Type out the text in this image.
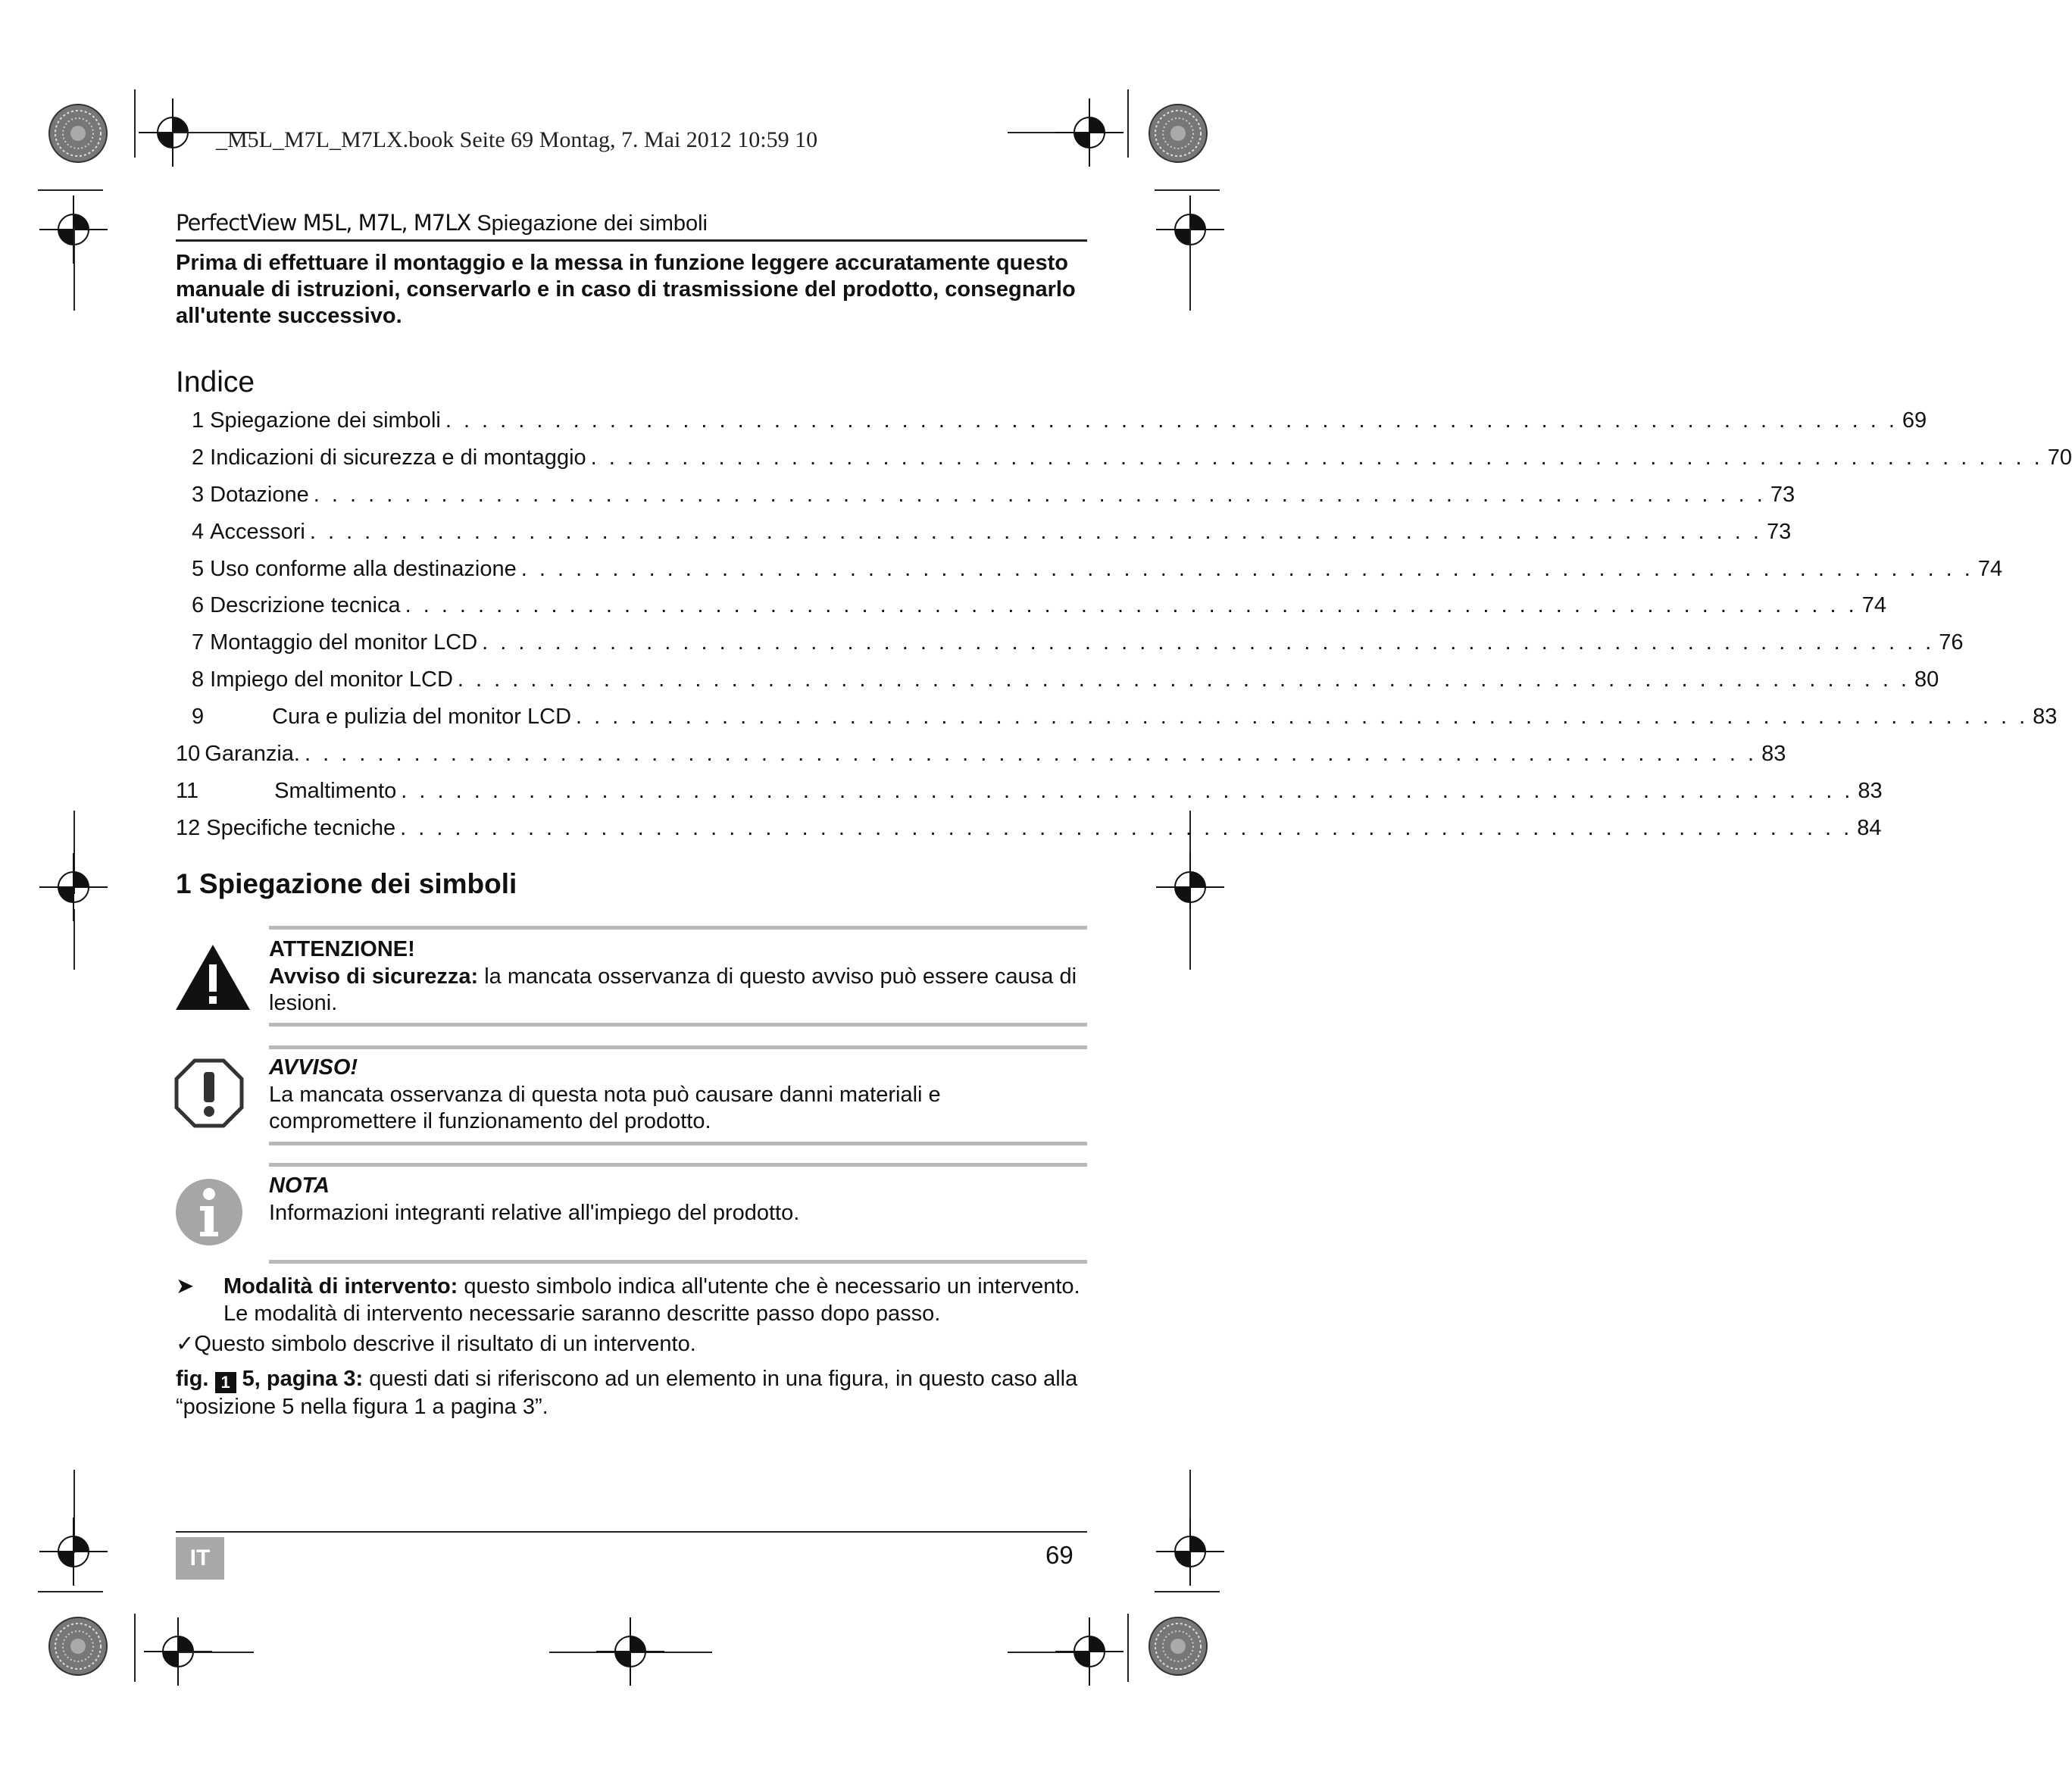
_M5L_M7L_M7LX.book Seite 69 Montag, 7. Mai 2012 10:59 10
PerfectView M5L, M7L, M7LX Spiegazione dei simboli
Prima di effettuare il montaggio e la messa in funzione leggere accuratamente questo manuale di istruzioni, conservarlo e in caso di trasmissione del prodotto, consegnarlo all'utente successivo.
Indice
1 Spiegazione dei simboli . . . . . . . . . . . . . . . . . . . . . . . . . . . . . . . . . . . . . . . . . . . . . . . . . . . . . . . . . . . . . . . . . . . . . . . . . . . . . . . . 69
2 Indicazioni di sicurezza e di montaggio . . . . . . . . . . . . . . . . . . . . . . . . . . . . . . . . . . . . . . . . . . . . . . . . . . . . . . . . . . . . . . . . . . . . . . . . . . . . . . . . 70
3 Dotazione . . . . . . . . . . . . . . . . . . . . . . . . . . . . . . . . . . . . . . . . . . . . . . . . . . . . . . . . . . . . . . . . . . . . . . . . . . . . . . . . 73
4 Accessori . . . . . . . . . . . . . . . . . . . . . . . . . . . . . . . . . . . . . . . . . . . . . . . . . . . . . . . . . . . . . . . . . . . . . . . . . . . . . . . . 73
5 Uso conforme alla destinazione . . . . . . . . . . . . . . . . . . . . . . . . . . . . . . . . . . . . . . . . . . . . . . . . . . . . . . . . . . . . . . . . . . . . . . . . . . . . . . . . 74
6 Descrizione tecnica . . . . . . . . . . . . . . . . . . . . . . . . . . . . . . . . . . . . . . . . . . . . . . . . . . . . . . . . . . . . . . . . . . . . . . . . . . . . . . . . 74
7 Montaggio del monitor LCD . . . . . . . . . . . . . . . . . . . . . . . . . . . . . . . . . . . . . . . . . . . . . . . . . . . . . . . . . . . . . . . . . . . . . . . . . . . . . . . . 76
8 Impiego del monitor LCD . . . . . . . . . . . . . . . . . . . . . . . . . . . . . . . . . . . . . . . . . . . . . . . . . . . . . . . . . . . . . . . . . . . . . . . . . . . . . . . . 80
9	Cura e pulizia del monitor LCD . . . . . . . . . . . . . . . . . . . . . . . . . . . . . . . . . . . . . . . . . . . . . . . . . . . . . . . . . . . . . . . . . . . . . . . . . . . . . . . . 83
10 Garanzia. . . . . . . . . . . . . . . . . . . . . . . . . . . . . . . . . . . . . . . . . . . . . . . . . . . . . . . . . . . . . . . . . . . . . . . . . . . . . . . . . 83
11	Smaltimento . . . . . . . . . . . . . . . . . . . . . . . . . . . . . . . . . . . . . . . . . . . . . . . . . . . . . . . . . . . . . . . . . . . . . . . . . . . . . . . . 83
12 Specifiche tecniche . . . . . . . . . . . . . . . . . . . . . . . . . . . . . . . . . . . . . . . . . . . . . . . . . . . . . . . . . . . . . . . . . . . . . . . . . . . . . . . . 84
1 Spiegazione dei simboli
ATTENZIONE!
Avviso di sicurezza: la mancata osservanza di questo avviso può essere causa di lesioni.
AVVISO!
La mancata osservanza di questa nota può causare danni materiali e compromettere il funzionamento del prodotto.
NOTA
Informazioni integranti relative all'impiego del prodotto.
➤ Modalità di intervento: questo simbolo indica all'utente che è necessario un intervento. Le modalità di intervento necessarie saranno descritte passo dopo passo.
✓Questo simbolo descrive il risultato di un intervento.
fig. 1 5, pagina 3: questi dati si riferiscono ad un elemento in una figura, in questo caso alla “posizione 5 nella figura 1 a pagina 3”.
IT	69
